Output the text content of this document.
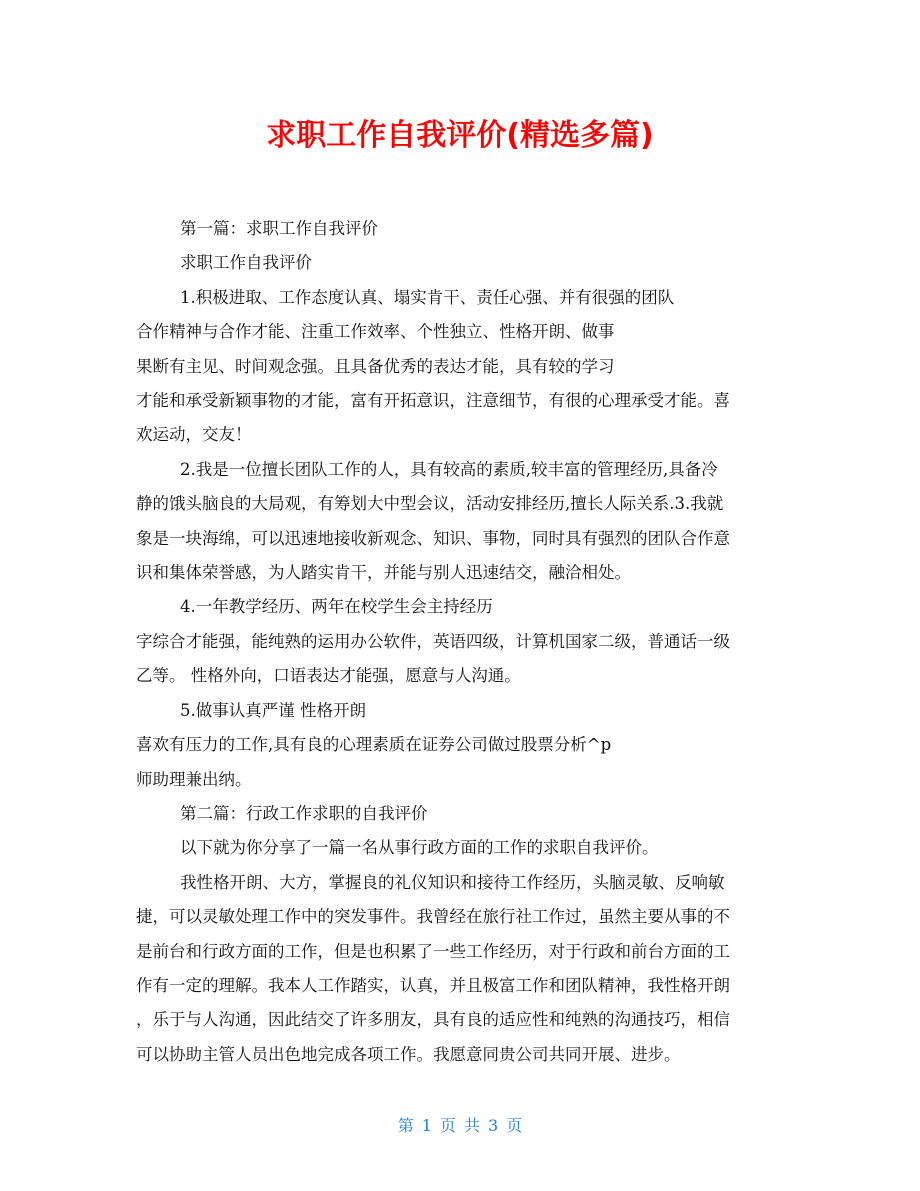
求职工作自我评价(精选多篇)

第一篇：求职工作自我评价

求职工作自我评价

1.积极进取、工作态度认真、塌实肯干、责任心强、并有很强的团队

合作精神与合作才能、注重工作效率、个性独立、性格开朗、做事

果断有主见、时间观念强。且具备优秀的表达才能，具有较的学习

才能和承受新颖事物的才能，富有开拓意识，注意细节，有很的心理承受才能。喜

欢运动，交友！

2.我是一位擅长团队工作的人，具有较高的素质,较丰富的管理经历,具备冷

静的饿头脑良的大局观，有筹划大中型会议，活动安排经历,擅长人际关系.3.我就

象是一块海绵，可以迅速地接收新观念、知识、事物，同时具有强烈的团队合作意

识和集体荣誉感，为人踏实肯干，并能与别人迅速结交，融洽相处。

4.一年教学经历、两年在校学生会主持经历

字综合才能强，能纯熟的运用办公软件，英语四级，计算机国家二级，普通话一级

乙等。 性格外向，口语表达才能强，愿意与人沟通。

5.做事认真严谨 性格开朗

喜欢有压力的工作,具有良的心理素质在证券公司做过股票分析^p

师助理兼出纳。

第二篇：行政工作求职的自我评价

以下就为你分享了一篇一名从事行政方面的工作的求职自我评价。

我性格开朗、大方，掌握良的礼仪知识和接待工作经历，头脑灵敏、反响敏

捷，可以灵敏处理工作中的突发事件。我曾经在旅行社工作过，虽然主要从事的不

是前台和行政方面的工作，但是也积累了一些工作经历，对于行政和前台方面的工

作有一定的理解。我本人工作踏实，认真，并且极富工作和团队精神，我性格开朗

，乐于与人沟通，因此结交了许多朋友，具有良的适应性和纯熟的沟通技巧，相信

可以协助主管人员出色地完成各项工作。我愿意同贵公司共同开展、进步。

第 1 页 共 3 页
